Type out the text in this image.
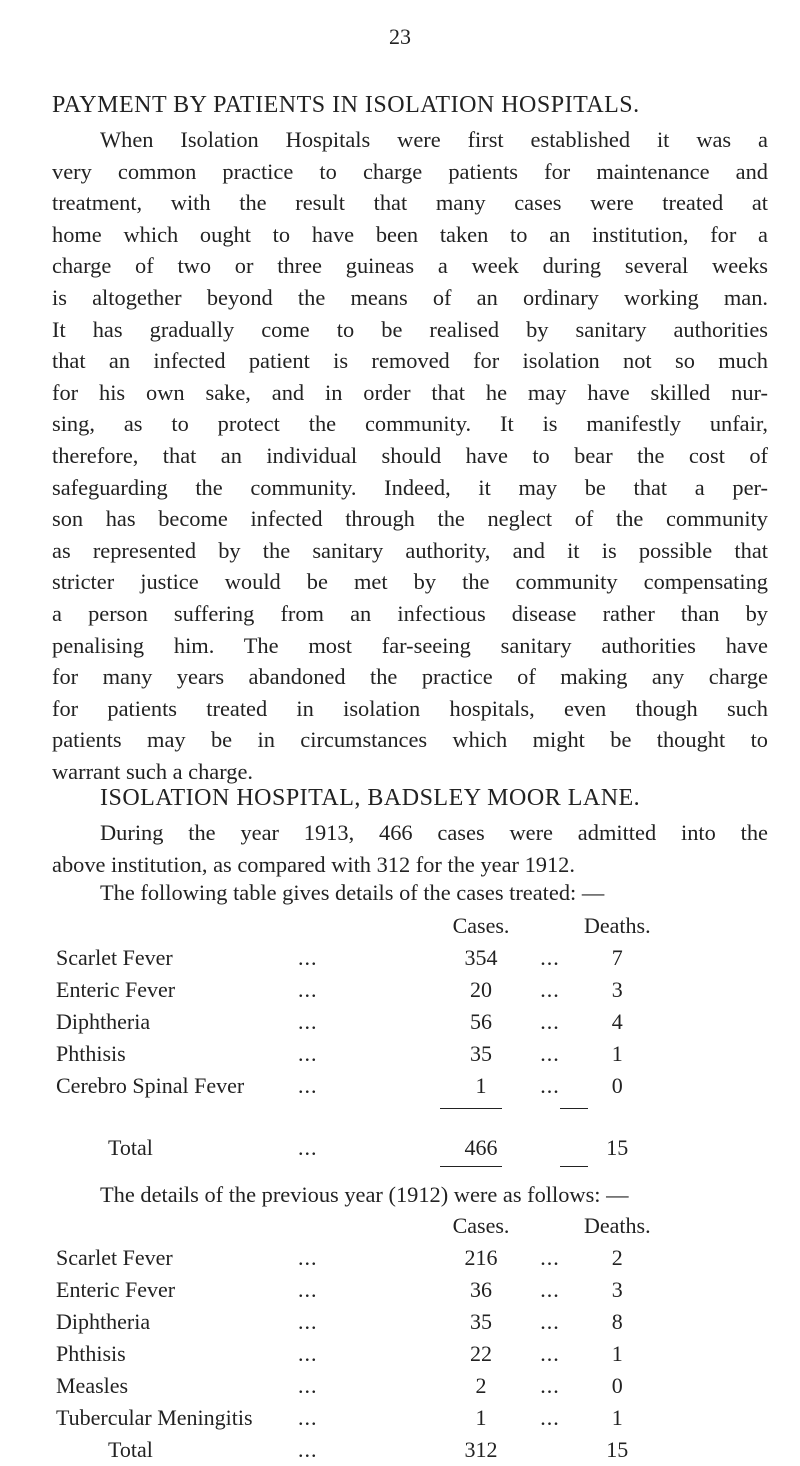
23
PAYMENT BY PATIENTS IN ISOLATION HOSPITALS.
When Isolation Hospitals were first established it was a
very common practice to charge patients for maintenance and
treatment, with the result that many cases were treated at
home which ought to have been taken to an institution, for a
charge of two or three guineas a week during several weeks
is altogether beyond the means of an ordinary working man.
It has gradually come to be realised by sanitary authorities
that an infected patient is removed for isolation not so much
for his own sake, and in order that he may have skilled nur-
sing, as to protect the community. It is manifestly unfair,
therefore, that an individual should have to bear the cost of
safeguarding the community. Indeed, it may be that a per-
son has become infected through the neglect of the community
as represented by the sanitary authority, and it is possible that
stricter justice would be met by the community compensating
a person suffering from an infectious disease rather than by
penalising him. The most far-seeing sanitary authorities have
for many years abandoned the practice of making any charge
for patients treated in isolation hospitals, even though such
patients may be in circumstances which might be thought to
warrant such a charge.
ISOLATION HOSPITAL, BADSLEY MOOR LANE.
During the year 1913, 466 cases were admitted into the
above institution, as compared with 312 for the year 1912.
The following table gives details of the cases treated: —
		Cases.		Deaths.
Scarlet Fever	...	354	...	7
Enteric Fever	...	20	...	3
Diphtheria	...	56	...	4
Phthisis	...	35	...	1
Cerebro Spinal Fever	...	1	...	0

Total	...	466		15
The details of the previous year (1912) were as follows: —
		Cases.		Deaths.
Scarlet Fever	...	216	...	2
Enteric Fever	...	36	...	3
Diphtheria	...	35	...	8
Phthisis	...	22	...	1
Measles	...	2	...	0
Tubercular Meningitis	...	1	...	1
Total	...	312		15
